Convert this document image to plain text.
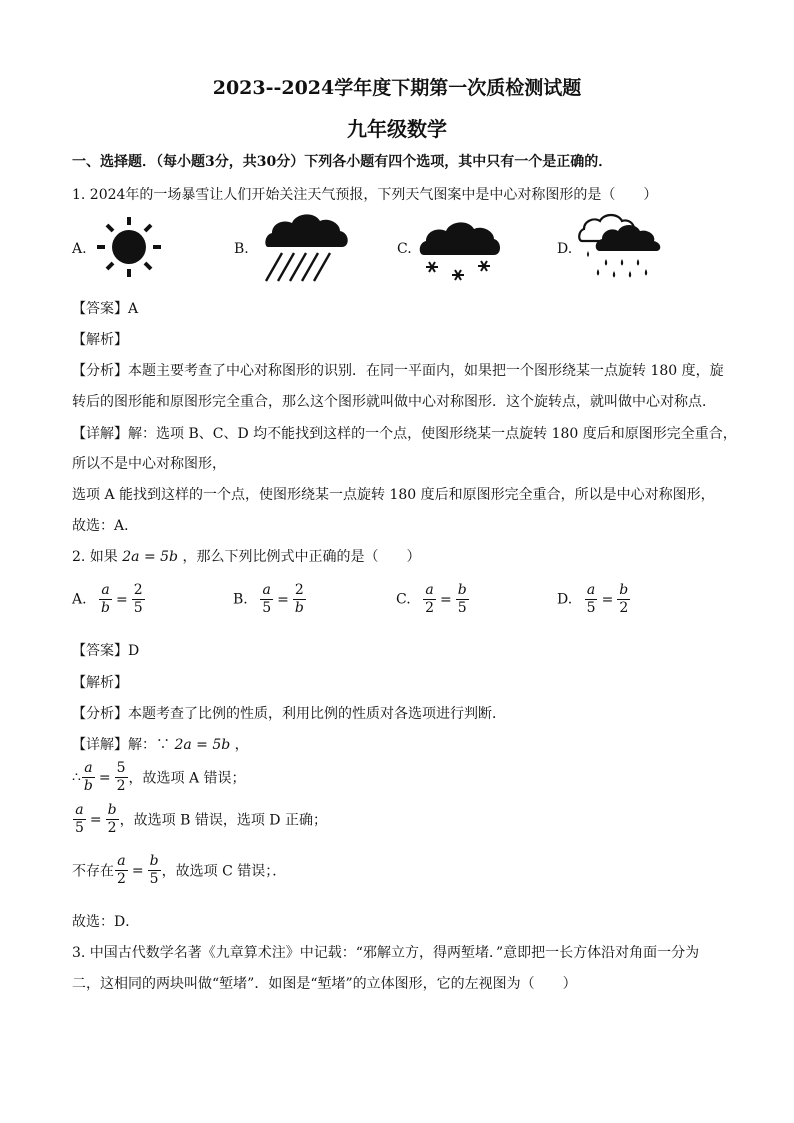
2023--2024学年度下期第一次质检测试题
九年级数学
一、选择题．（每小题3分，共30分）下列各小题有四个选项，其中只有一个是正确的．
1. 2024年的一场暴雪让人们开始关注天气预报，下列天气图案中是中心对称图形的是（　　）
A.	B.	C.	D.
【答案】A
【解析】
【分析】本题主要考查了中心对称图形的识别．在同一平面内，如果把一个图形绕某一点旋转 180 度，旋
转后的图形能和原图形完全重合，那么这个图形就叫做中心对称图形．这个旋转点，就叫做中心对称点．
【详解】解：选项 B、C、D 均不能找到这样的一个点，使图形绕某一点旋转 180 度后和原图形完全重合，
所以不是中心对称图形，
选项 A 能找到这样的一个点，使图形绕某一点旋转 180 度后和原图形完全重合，所以是中心对称图形，
故选：A．
2. 如果 2a = 5b ，那么下列比例式中正确的是（　　）
A. $\frac{a}{b} = \frac{2}{5}$	B. $\frac{a}{5} = \frac{2}{b}$	C. $\frac{a}{2} = \frac{b}{5}$	D. $\frac{a}{5} = \frac{b}{2}$
【答案】D
【解析】
【分析】本题考查了比例的性质，利用比例的性质对各选项进行判断．
【详解】解：∵ 2a = 5b ，
∴ $\frac{a}{b} = \frac{5}{2}$ ，故选项 A 错误；
$\frac{a}{5} = \frac{b}{2}$ ，故选项 B 错误，选项 D 正确；
不存在 $\frac{a}{2} = \frac{b}{5}$ ，故选项 C 错误；．
故选：D．
3. 中国古代数学名著《九章算术注》中记载：“邪解立方，得两堑堵．”意即把一长方体沿对角面一分为
二，这相同的两块叫做“堑堵”．如图是“堑堵”的立体图形，它的左视图为（　　）
